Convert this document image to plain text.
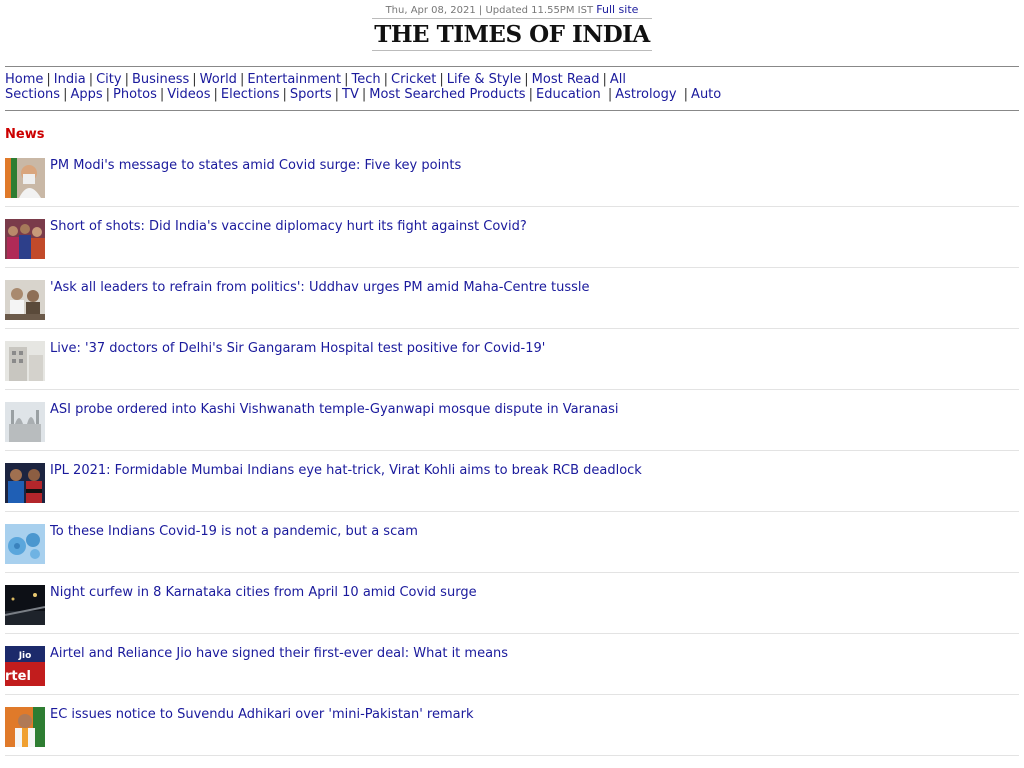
Thu, Apr 08, 2021 | Updated 11.55PM IST Full site
THE TIMES OF INDIA
Home | India | City | Business | World | Entertainment | Tech | Cricket | Life & Style | Most Read | All Sections | Apps | Photos | Videos | Elections | Sports | TV | Most Searched Products | Education | Astrology | Auto
News
PM Modi's message to states amid Covid surge: Five key points
Short of shots: Did India's vaccine diplomacy hurt its fight against Covid?
'Ask all leaders to refrain from politics': Uddhav urges PM amid Maha-Centre tussle
Live: '37 doctors of Delhi's Sir Gangaram Hospital test positive for Covid-19'
ASI probe ordered into Kashi Vishwanath temple-Gyanwapi mosque dispute in Varanasi
IPL 2021: Formidable Mumbai Indians eye hat-trick, Virat Kohli aims to break RCB deadlock
To these Indians Covid-19 is not a pandemic, but a scam
Night curfew in 8 Karnataka cities from April 10 amid Covid surge
Jio
rtel
Airtel and Reliance Jio have signed their first-ever deal: What it means
EC issues notice to Suvendu Adhikari over 'mini-Pakistan' remark
